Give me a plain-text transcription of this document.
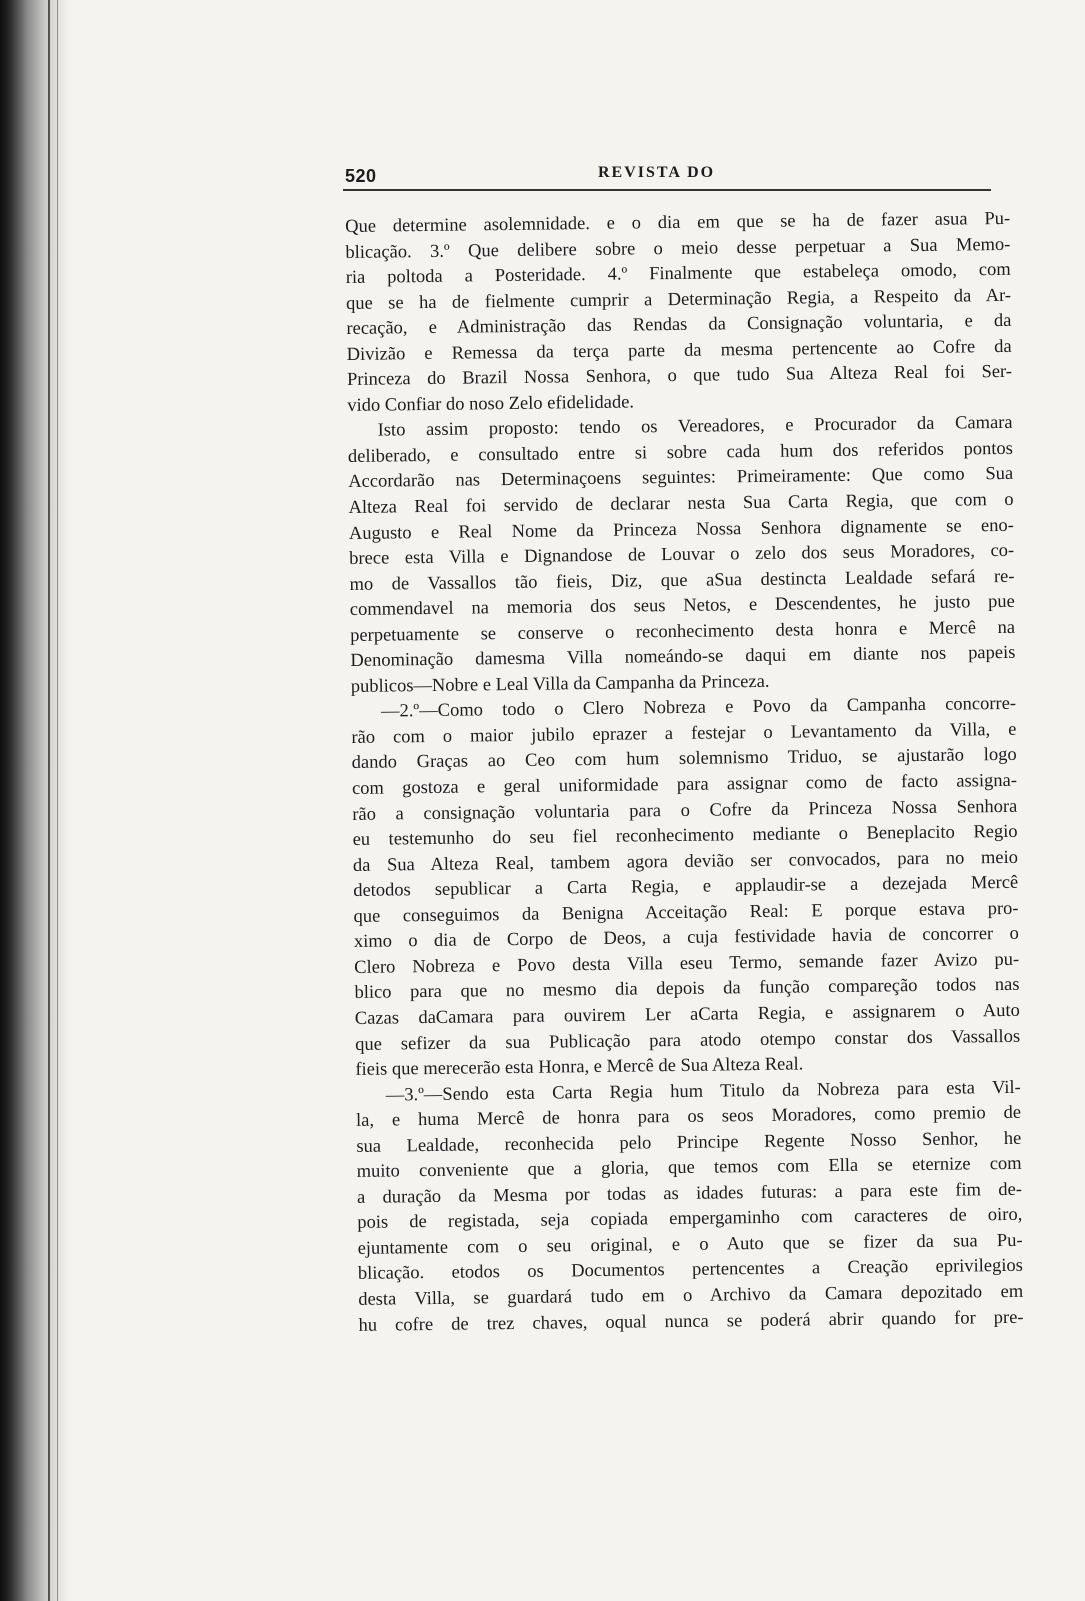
520	REVISTA DO
Que determine asolemnidade. e o dia em que se ha de fazer asua Pu-
blicação. 3.º Que delibere sobre o meio desse perpetuar a Sua Memo-
ria poltoda a Posteridade. 4.º Finalmente que estabeleça omodo, com
que se ha de fielmente cumprir a Determinação Regia, a Respeito da Ar-
recação, e Administração das Rendas da Consignação voluntaria, e da
Divizão e Remessa da terça parte da mesma pertencente ao Cofre da
Princeza do Brazil Nossa Senhora, o que tudo Sua Alteza Real foi Ser-
vido Confiar do noso Zelo efidelidade.
Isto assim proposto: tendo os Vereadores, e Procurador da Camara
deliberado, e consultado entre si sobre cada hum dos referidos pontos
Accordarão nas Determinaçoens seguintes: Primeiramente: Que como Sua
Alteza Real foi servido de declarar nesta Sua Carta Regia, que com o
Augusto e Real Nome da Princeza Nossa Senhora dignamente se eno-
brece esta Villa e Dignandose de Louvar o zelo dos seus Moradores, co-
mo de Vassallos tão fieis, Diz, que aSua destincta Lealdade sefará re-
commendavel na memoria dos seus Netos, e Descendentes, he justo pue
perpetuamente se conserve o reconhecimento desta honra e Mercê na
Denominação damesma Villa nomeándo-se daqui em diante nos papeis
publicos—Nobre e Leal Villa da Campanha da Princeza.
—2.º—Como todo o Clero Nobreza e Povo da Campanha concorre-
rão com o maior jubilo eprazer a festejar o Levantamento da Villa, e
dando Graças ao Ceo com hum solemnismo Triduo, se ajustarão logo
com gostoza e geral uniformidade para assignar como de facto assigna-
rão a consignação voluntaria para o Cofre da Princeza Nossa Senhora
eu testemunho do seu fiel reconhecimento mediante o Beneplacito Regio
da Sua Alteza Real, tambem agora devião ser convocados, para no meio
detodos sepublicar a Carta Regia, e applaudir-se a dezejada Mercê
que conseguimos da Benigna Acceitação Real: E porque estava pro-
ximo o dia de Corpo de Deos, a cuja festividade havia de concorrer o
Clero Nobreza e Povo desta Villa eseu Termo, semande fazer Avizo pu-
blico para que no mesmo dia depois da função compareção todos nas
Cazas daCamara para ouvirem Ler aCarta Regia, e assignarem o Auto
que sefizer da sua Publicação para atodo otempo constar dos Vassallos
fieis que merecerão esta Honra, e Mercê de Sua Alteza Real.
—3.º—Sendo esta Carta Regia hum Titulo da Nobreza para esta Vil-
la, e huma Mercê de honra para os seos Moradores, como premio de
sua Lealdade, reconhecida pelo Principe Regente Nosso Senhor, he
muito conveniente que a gloria, que temos com Ella se eternize com
a duração da Mesma por todas as idades futuras: a para este fim de-
pois de registada, seja copiada empergaminho com caracteres de oiro,
ejuntamente com o seu original, e o Auto que se fizer da sua Pu-
blicação. etodos os Documentos pertencentes a Creação eprivilegios
desta Villa, se guardará tudo em o Archivo da Camara depozitado em
hu cofre de trez chaves, oqual nunca se poderá abrir quando for pre-
